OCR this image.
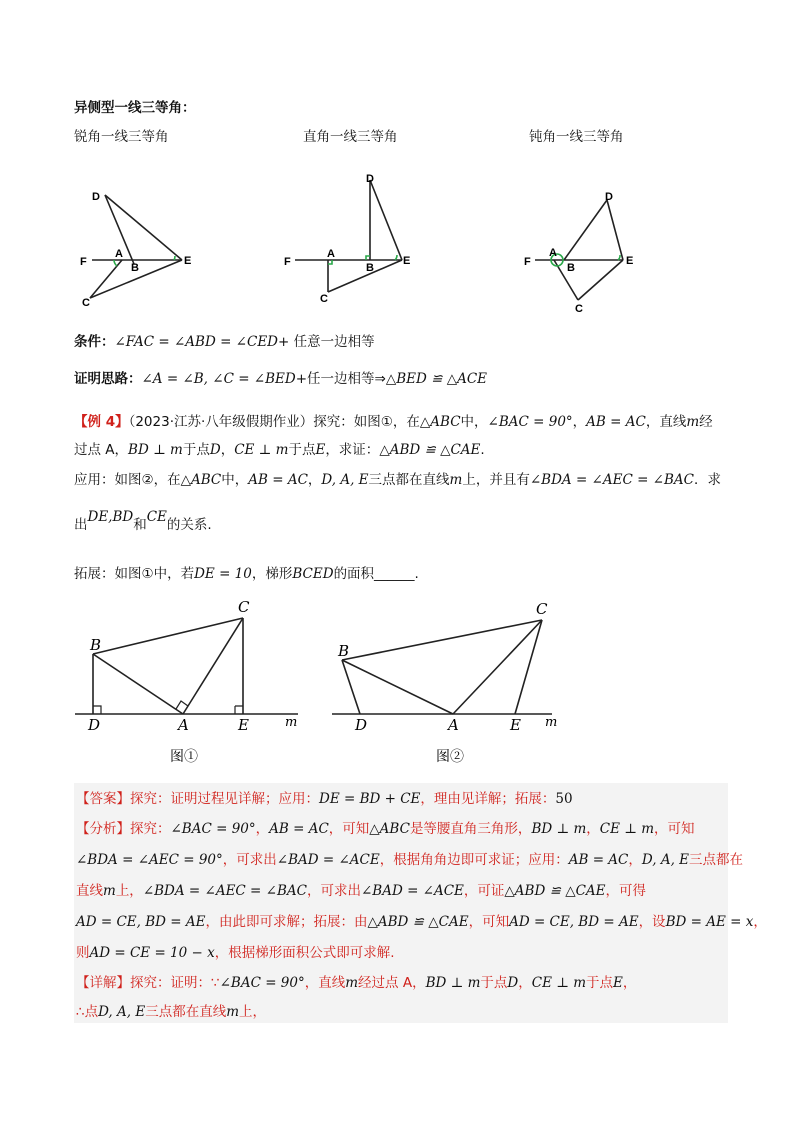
异侧型一线三等角：
锐角一线三等角	直角一线三等角	钝角一线三等角
D
F
A
B
E
C
D
F
A
B
E
C
D
F
A
B
E
C
条件：∠FAC = ∠ABD = ∠CED+ 任意一边相等
证明思路：∠A = ∠B, ∠C = ∠BED+任一边相等⇒△BED ≌ △ACE
【例 4】（2023·江苏·八年级假期作业）探究：如图①，在△ABC中，∠BAC = 90°，AB = AC，直线m经
过点 A，BD ⊥ m于点D，CE ⊥ m于点E，求证：△ABD ≌ △CAE.
应用：如图②，在△ABC中，AB = AC，D, A, E三点都在直线m上，并且有∠BDA = ∠AEC = ∠BAC．求
出DE,BD和CE的关系.
拓展：如图①中，若DE = 10，梯形BCED的面积______.
B
C
D	A	E	m
图①
B
C
D	A	E m
图②
【答案】探究：证明过程见详解；应用：DE = BD + CE，理由见详解；拓展：50
【分析】探究：∠BAC = 90°，AB = AC，可知△ABC是等腰直角三角形，BD ⊥ m，CE ⊥ m，可知
∠BDA = ∠AEC = 90°，可求出∠BAD = ∠ACE，根据角角边即可求证；应用：AB = AC，D, A, E三点都在
直线m上，∠BDA = ∠AEC = ∠BAC，可求出∠BAD = ∠ACE，可证△ABD ≌ △CAE，可得
AD = CE, BD = AE，由此即可求解；拓展：由△ABD ≌ △CAE，可知AD = CE, BD = AE，设BD = AE = x，
则AD = CE = 10 − x，根据梯形面积公式即可求解.
【详解】探究：证明：∵∠BAC = 90°，直线m经过点 A，BD ⊥ m于点D，CE ⊥ m于点E，
∴点D, A, E三点都在直线m上，
